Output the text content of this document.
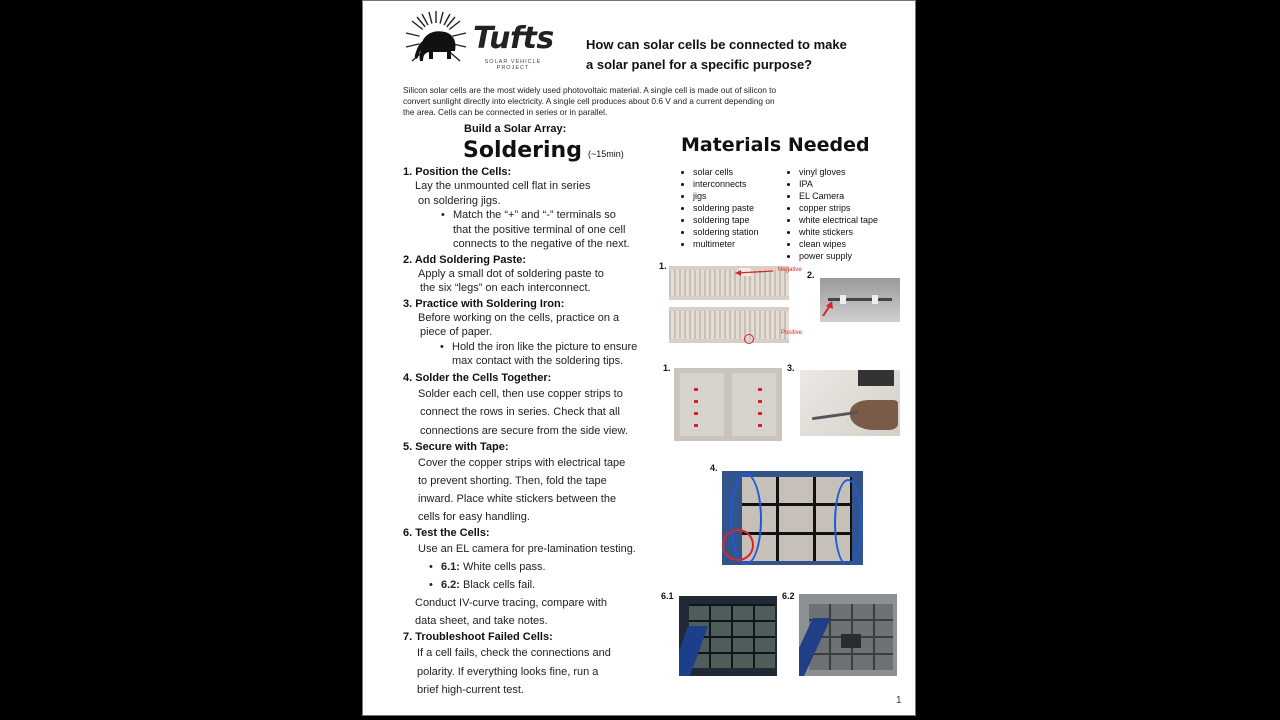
Tufts
SOLAR VEHICLE
PROJECT
How can solar cells be connected to make
a solar panel for a specific purpose?
Silicon solar cells are the most widely used photovoltaic material. A single cell is made out of silicon to
convert sunlight directly into electricity. A single cell produces about 0.6 V and a current depending on
the area. Cells can be connected in series or in parallel.
Build a Solar Array:
Soldering (~15min)	Materials Needed
• solar cells
• interconnects
• jigs
• soldering paste
• soldering tape
• soldering station
• multimeter
• vinyl gloves
• IPA
• EL Camera
• copper strips
• white electrical tape
• white stickers
• clean wipes
• power supply
1. Position the Cells:
Lay the unmounted cell flat in series
on soldering jigs.
• Match the “+” and “-” terminals so
that the positive terminal of one cell
connects to the negative of the next.
2. Add Soldering Paste:
Apply a small dot of soldering paste to
the six “legs” on each interconnect.
3. Practice with Soldering Iron:
Before working on the cells, practice on a
piece of paper.
• Hold the iron like the picture to ensure
max contact with the soldering tips.
4. Solder the Cells Together:
Solder each cell, then use copper strips to
connect the rows in series. Check that all
connections are secure from the side view.
5. Secure with Tape:
Cover the copper strips with electrical tape
to prevent shorting. Then, fold the tape
inward. Place white stickers between the
cells for easy handling.
6. Test the Cells:
Use an EL camera for pre-lamination testing.
• 6.1: White cells pass.
• 6.2: Black cells fail.
Conduct IV-curve tracing, compare with
data sheet, and take notes.
7. Troubleshoot Failed Cells:
If a cell fails, check the connections and
polarity. If everything looks fine, run a
brief high-current test.
1.	Negative
Positive
2.
1.	3.
4.
6.1	6.2
1
